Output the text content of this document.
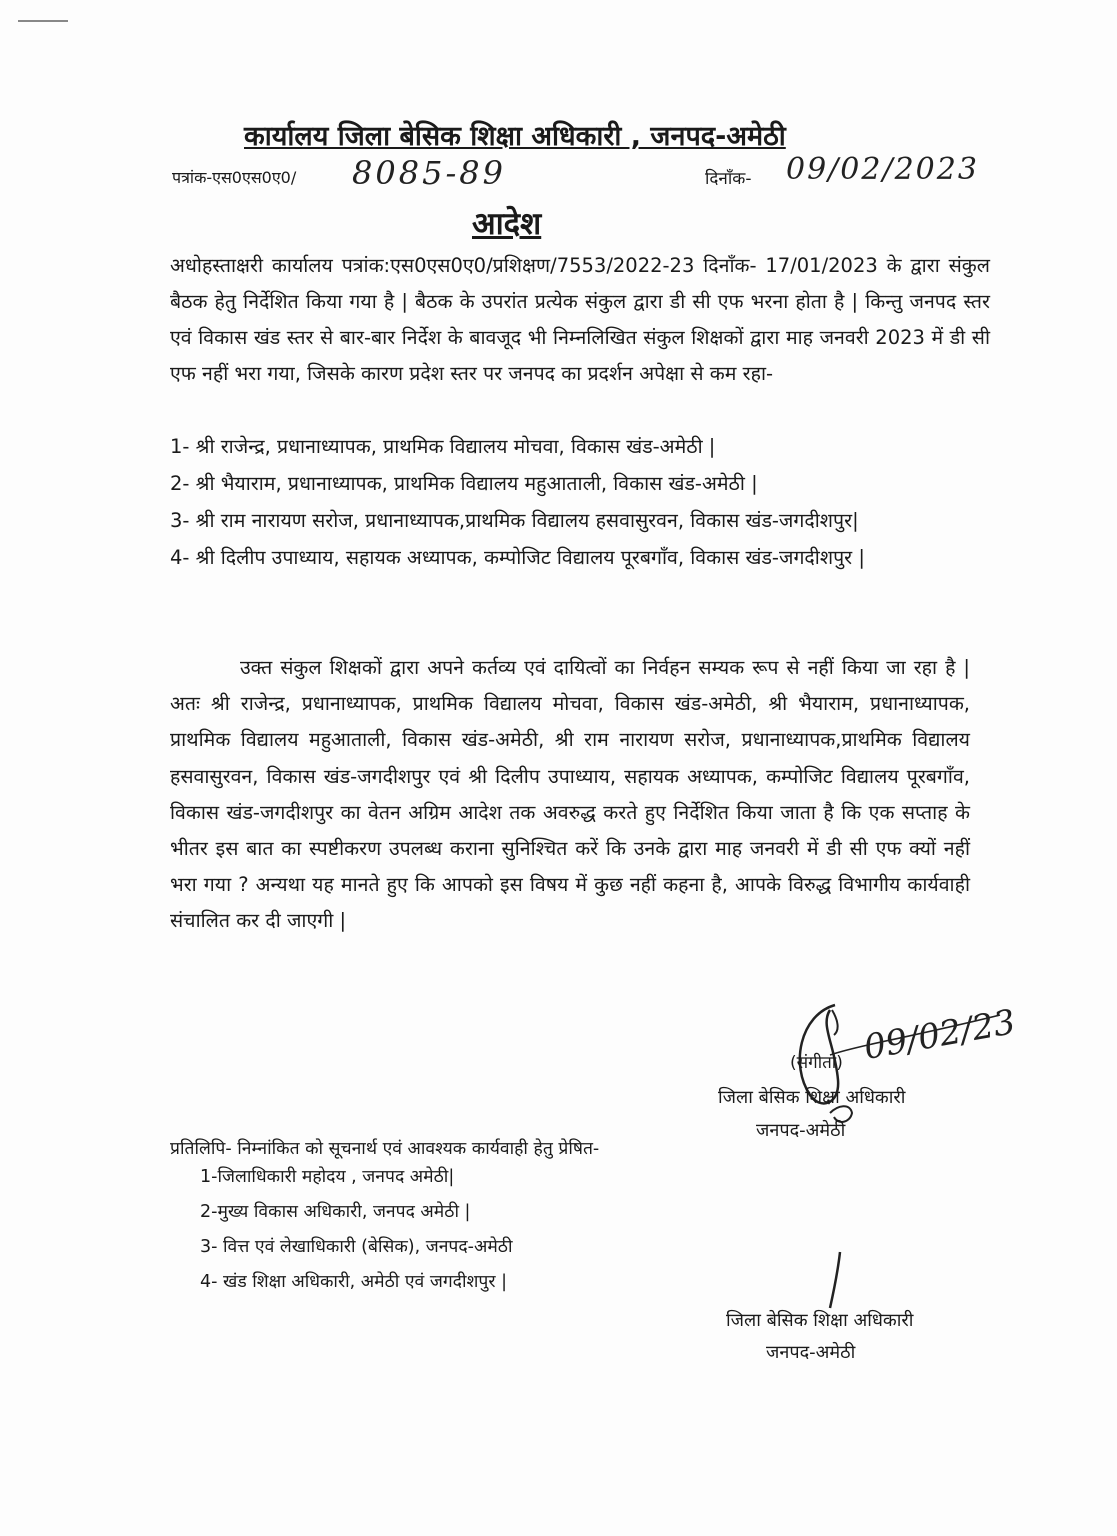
कार्यालय जिला बेसिक शिक्षा अधिकारी , जनपद-अमेठी
पत्रांक-एस0एस0ए0/ 8085-89	दिनाँक- 09/02/2023
आदेश

अधोहस्ताक्षरी कार्यालय पत्रांक:एस0एस0ए0/प्रशिक्षण/7553/2022-23 दिनाँक- 17/01/2023 के द्वारा संकुल बैठक हेतु निर्देशित किया गया है | बैठक के उपरांत प्रत्येक संकुल द्वारा डी सी एफ भरना होता है | किन्तु जनपद स्तर एवं विकास खंड स्तर से बार-बार निर्देश के बावजूद भी निम्नलिखित संकुल शिक्षकों द्वारा माह जनवरी 2023 में डी सी एफ नहीं भरा गया, जिसके कारण प्रदेश स्तर पर जनपद का प्रदर्शन अपेक्षा से कम रहा-

1- श्री राजेन्द्र, प्रधानाध्यापक, प्राथमिक विद्यालय मोचवा, विकास खंड-अमेठी |
2- श्री भैयाराम, प्रधानाध्यापक, प्राथमिक विद्यालय महुआताली, विकास खंड-अमेठी |
3- श्री राम नारायण सरोज, प्रधानाध्यापक,प्राथमिक विद्यालय हसवासुरवन, विकास खंड-जगदीशपुर|
4- श्री दिलीप उपाध्याय, सहायक अध्यापक, कम्पोजिट विद्यालय पूरबगाँव, विकास खंड-जगदीशपुर |

उक्त संकुल शिक्षकों द्वारा अपने कर्तव्य एवं दायित्वों का निर्वहन सम्यक रूप से नहीं किया जा रहा है | अतः श्री राजेन्द्र, प्रधानाध्यापक, प्राथमिक विद्यालय मोचवा, विकास खंड-अमेठी, श्री भैयाराम, प्रधानाध्यापक, प्राथमिक विद्यालय महुआताली, विकास खंड-अमेठी, श्री राम नारायण सरोज, प्रधानाध्यापक,प्राथमिक विद्यालय हसवासुरवन, विकास खंड-जगदीशपुर एवं श्री दिलीप उपाध्याय, सहायक अध्यापक, कम्पोजिट विद्यालय पूरबगाँव, विकास खंड-जगदीशपुर का वेतन अग्रिम आदेश तक अवरुद्ध करते हुए निर्देशित किया जाता है कि एक सप्ताह के भीतर इस बात का स्पष्टीकरण उपलब्ध कराना सुनिश्चित करें कि उनके द्वारा माह जनवरी में डी सी एफ क्यों नहीं भरा गया ? अन्यथा यह मानते हुए कि आपको इस विषय में कुछ नहीं कहना है, आपके विरुद्ध विभागीय कार्यवाही संचालित कर दी जाएगी |

(संगीता) 09/02/23
जिला बेसिक शिक्षा अधिकारी
जनपद-अमेठी
प्रतिलिपि- निम्नांकित को सूचनार्थ एवं आवश्यक कार्यवाही हेतु प्रेषित-
1-जिलाधिकारी महोदय , जनपद अमेठी|
2-मुख्य विकास अधिकारी, जनपद अमेठी |
3- वित्त एवं लेखाधिकारी (बेसिक), जनपद-अमेठी
4- खंड शिक्षा अधिकारी, अमेठी एवं जगदीशपुर |
जिला बेसिक शिक्षा अधिकारी
जनपद-अमेठी
